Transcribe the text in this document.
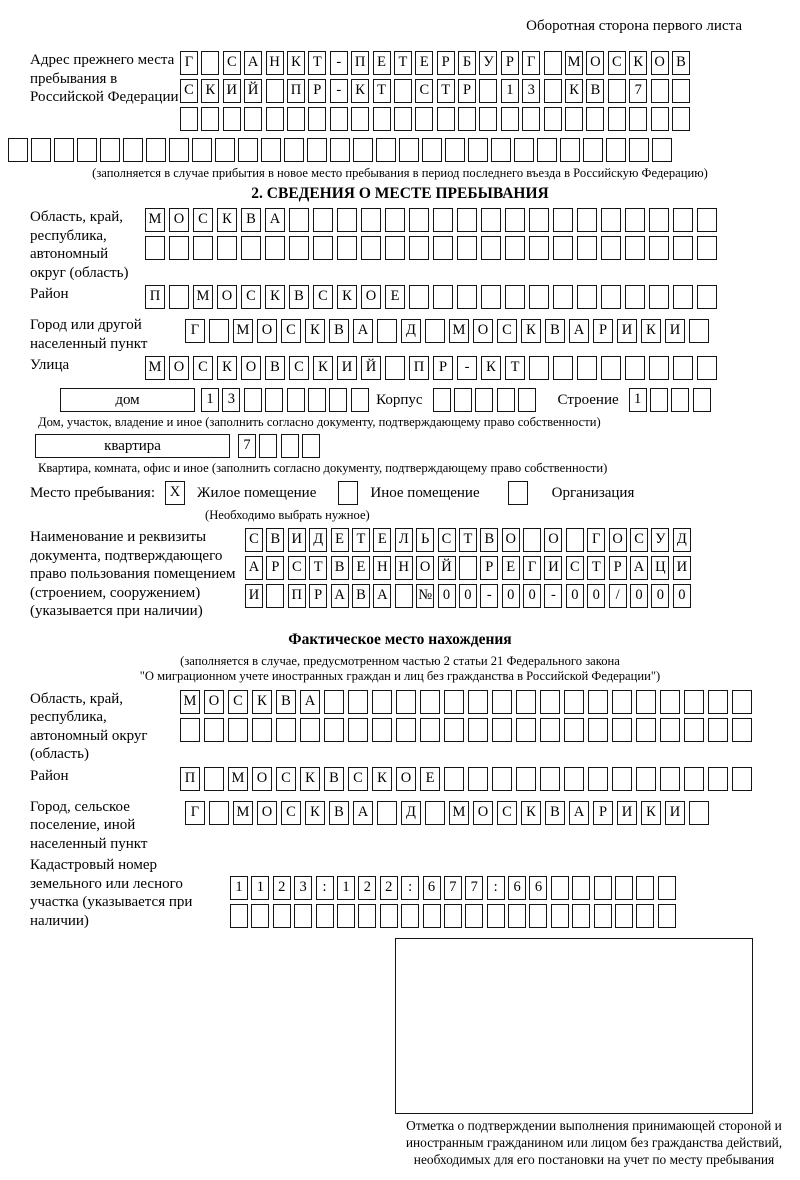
Оборотная сторона первого листа
Адрес прежнего места пребывания в Российской Федерации
Г С А Н К Т - П Е Т Е Р Б У Р Г М О С К О В
С К И Й П Р - К Т С Т Р 1 3 К В 7
(заполняется в случае прибытия в новое место пребывания в период последнего въезда в Российскую Федерацию)
2. СВЕДЕНИЯ О МЕСТЕ ПРЕБЫВАНИЯ
Область, край, республика, автономный округ (область)
М О С К В А
Район	П	М О С К В С К О Е
Город или другой населенный пункт
Г	М О С К В А	Д	М О С К В А Р И К И
Улица	М О С К О В С К И Й	П Р - К Т
дом	1 3	Корпус	Строение	1
Дом, участок, владение и иное (заполнить согласно документу, подтверждающему право собственности)
квартира	7
Квартира, комната, офис и иное (заполнить согласно документу, подтверждающему право собственности)
Место пребывания:	X	Жилое помещение	Иное помещение	Организация
(Необходимо выбрать нужное)
Наименование и реквизиты документа, подтверждающего право пользования помещением (строением, сооружением) (указывается при наличии)
С В И Д Е Т Е Л Ь С Т В О О Г О С У Д
А Р С Т В Е Н Н О Й Р Е Г И С Т Р А Ц И
И П Р А В А № 0 0 - 0 0 - 0 0 / 0 0 0
Фактическое место нахождения
(заполняется в случае, предусмотренном частью 2 статьи 21 Федерального закона
"О миграционном учете иностранных граждан и лиц без гражданства в Российской Федерации")
Область, край, республика, автономный округ (область)
М О С К В А
Район	П	М О С К В С К О Е
Город, сельское поселение, иной населенный пункт
Г	М О С К В А	Д	М О С К В А Р И К И
Кадастровый номер земельного или лесного участка (указывается при наличии)
1 1 2 3 : 1 2 2 : 6 7 7 : 6 6
Отметка о подтверждении выполнения принимающей стороной и иностранным гражданином или лицом без гражданства действий, необходимых для его постановки на учет по месту пребывания
